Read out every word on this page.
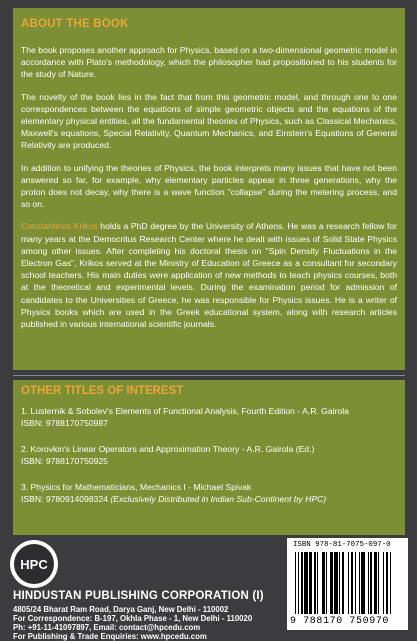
ABOUT THE BOOK

The book proposes another approach for Physics, based on a two-dimensional geometric model in accordance with Plato's methodology, which the philosopher had propositioned to his students for the study of Nature.

The novelty of the book lies in the fact that from this geometric model, and through one to one correspondences between the equations of simple geometric objects and the equations of the elementary physical entities, all the fundamental theories of Physics, such as Classical Mechanics, Maxwell's equations, Special Relativity, Quantum Mechanics, and Einstein's Equations of General Relativity are produced.

In addition to unifying the theories of Physics, the book interprets many issues that have not been answered so far, for example, why elementary particles appear in three generations, why the proton does not decay, why there is a wave function "collapse" during the metering process, and so on.

Constantinos Krikos holds a PhD degree by the University of Athens. He was a research fellow for many years at the Democritus Research Center where he dealt with issues of Solid State Physics among other issues. After completing his doctoral thesis on "Spin Density Fluctuations in the Electron Gas", Krikos served at the Ministry of Education of Greece as a consultant for secondary school teachers. His main duties were application of new methods to teach physics courses, both at the theoretical and experimental levels. During the examination period for admission of candidates to the Universities of Greece, he was responsible for Physics issues. He is a writer of Physics books which are used in the Greek educational system, along with research articles published in various international scientific journals.

OTHER TITLES OF INTEREST
1. Lusternik & Sobolev's Elements of Functional Analysis, Fourth Edition - A.R. Gairola
ISBN: 9788170750987
2. Korovkin's Linear Operators and Approximation Theory - A.R. Gairola (Ed.)
ISBN: 9788170750925
3. Physics for Mathematicians, Mechanics I - Michael Spivak
ISBN: 9780914098324 (Exclusively Distributed in Indian Sub-Continent by HPC)
HPC
HINDUSTAN PUBLISHING CORPORATION (I)
4805/24 Bharat Ram Road, Darya Ganj, New Delhi - 110002
For Correspondence: B-197, Okhla Phase - 1, New Delhi - 110020
Ph: +91-11-41097897, Email: contact@hpcedu.com
For Publishing & Trade Enquiries: www.hpcedu.com
ISBN 978-81-7075-097-0
9 788170 750970
